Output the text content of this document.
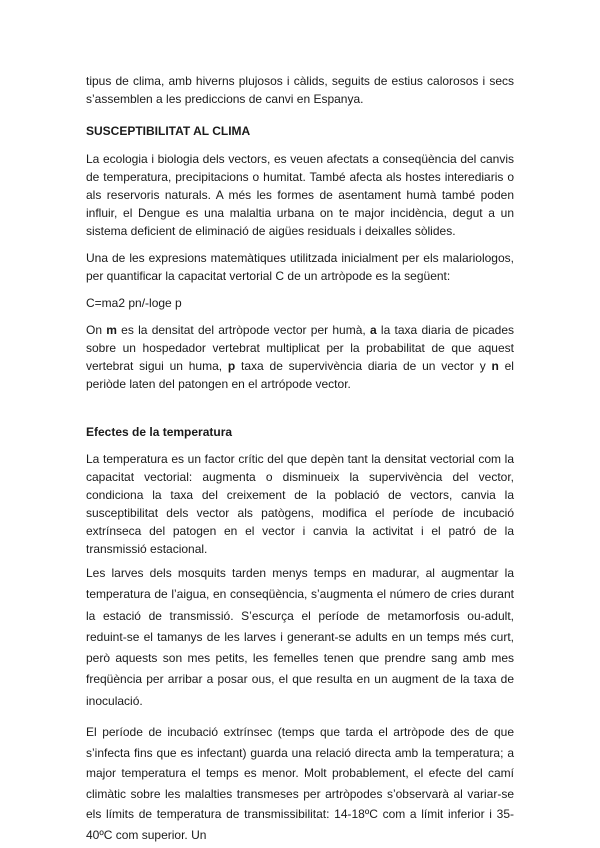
tipus de clima, amb hiverns plujosos i càlids, seguits de estius calorosos i secs s’assemblen a les prediccions de canvi en Espanya.

SUSCEPTIBILITAT AL CLIMA

La ecologia i biologia dels vectors, es veuen afectats a conseqüència del canvis de temperatura, precipitacions o humitat. També afecta als hostes interediaris o als reservoris naturals. A més les formes de asentament humà també poden influir, el Dengue es una malaltia urbana on te major incidència, degut a un sistema deficient de eliminació de aigües residuals i deixalles sòlides.

Una de les expresions matemàtiques utilitzada inicialment per els malariologos, per quantificar la capacitat vertorial C de un artròpode es la següent:

C=ma2 pn/-loge p

On m es la densitat del artròpode vector per humà, a la taxa diaria de picades sobre un hospedador vertebrat multiplicat per la probabilitat de que aquest vertebrat sigui un huma, p taxa de supervivència diaria de un vector y n el periòde laten del patongen en el artrópode vector.

Efectes de la temperatura

La temperatura es un factor crític del que depèn tant la densitat vectorial com la capacitat vectorial: augmenta o disminueix la supervivència del vector, condiciona la taxa del creixement de la població de vectors, canvia la susceptibilitat dels vector als patògens, modifica el període de incubació extrínseca del patogen en el vector i canvia la activitat i el patró de la transmissió estacional.

Les larves dels mosquits tarden menys temps en madurar, al augmentar la temperatura de l’aigua, en conseqüència, s’augmenta el número de cries durant la estació de transmissió. S’escurça el període de metamorfosis ou-adult, reduint-se el tamanys de les larves i generant-se adults en un temps més curt, però aquests son mes petits, les femelles tenen que prendre sang amb mes freqüència per arribar a posar ous, el que resulta en un augment de la taxa de inoculació.

El període de incubació extrínsec (temps que tarda el artròpode des de que s’infecta fins que es infectant) guarda una relació directa amb la temperatura; a major temperatura el temps es menor. Molt probablement, el efecte del camí climàtic sobre les malalties transmeses per artròpodes s’observarà al variar-se els límits de temperatura de transmissibilitat: 14-18ºC com a límit inferior i 35-40ºC com superior. Un
